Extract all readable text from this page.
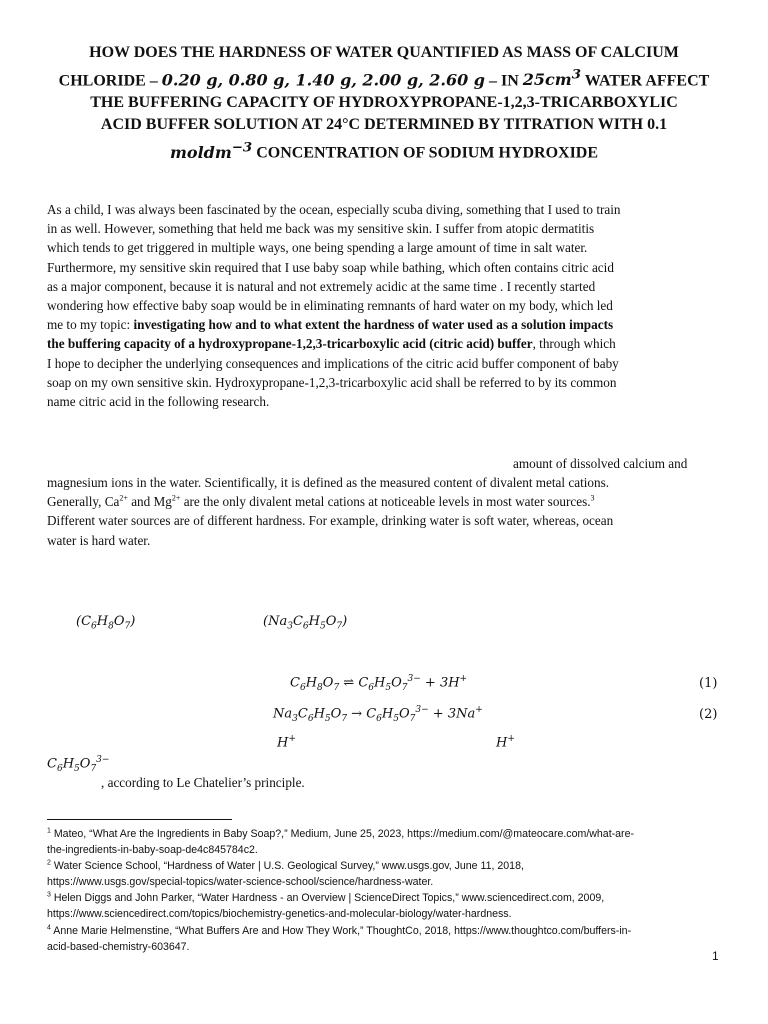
HOW DOES THE HARDNESS OF WATER QUANTIFIED AS MASS OF CALCIUM
CHLORIDE – 0.20 g, 0.80 g, 1.40 g, 2.00 g, 2.60 g – IN $25cm^3$ WATER AFFECT
THE BUFFERING CAPACITY OF HYDROXYPROPANE-1,2,3-TRICARBOXYLIC
ACID BUFFER SOLUTION AT 24°C DETERMINED BY TITRATION WITH 0.1
moldm$^{-3}$ CONCENTRATION OF SODIUM HYDROXIDE
As a child, I was always been fascinated by the ocean, especially scuba diving, something that I used to train
in as well. However, something that held me back was my sensitive skin. I suffer from atopic dermatitis
which tends to get triggered in multiple ways, one being spending a large amount of time in salt water.
Furthermore, my sensitive skin required that I use baby soap while bathing, which often contains citric acid
as a major component, because it is natural and not extremely acidic at the same time . I recently started
wondering how effective baby soap would be in eliminating remnants of hard water on my body, which led
me to my topic: investigating how and to what extent the hardness of water used as a solution impacts
the buffering capacity of a hydroxypropane-1,2,3-tricarboxylic acid (citric acid) buffer, through which
I hope to decipher the underlying consequences and implications of the citric acid buffer component of baby
soap on my own sensitive skin. Hydroxypropane-1,2,3-tricarboxylic acid shall be referred to by its common
name citric acid in the following research.
amount of dissolved calcium and
magnesium ions in the water. Scientifically, it is defined as the measured content of divalent metal cations.
Generally, $Ca^{2+}$ and $Mg^{2+}$ are the only divalent metal cations at noticeable levels in most water sources.$^3$
Different water sources are of different hardness. For example, drinking water is soft water, whereas, ocean
water is hard water.
$(C_6H_8O_7)$	$(Na_3C_6H_5O_7)$
$C_6H_8O_7$ ⇌ $C_6H_5O_7^{3-} + 3H^+$	(1)
$Na_3C_6H_5O_7 \to C_6H_5O_7^{3-} + 3Na^+$	(2)
H+	H+
$C_6H_5O_7^{3-}$
, according to Le Chatelier’s principle.
$^1$ Mateo, “What Are the Ingredients in Baby Soap?,” Medium, June 25, 2023, https://medium.com/@mateocare.com/what-are-
the-ingredients-in-baby-soap-de4c845784c2.
$^2$ Water Science School, “Hardness of Water | U.S. Geological Survey,” www.usgs.gov, June 11, 2018,
https://www.usgs.gov/special-topics/water-science-school/science/hardness-water.
$^3$ Helen Diggs and John Parker, “Water Hardness - an Overview | ScienceDirect Topics,” www.sciencedirect.com, 2009,
https://www.sciencedirect.com/topics/biochemistry-genetics-and-molecular-biology/water-hardness.
$^4$ Anne Marie Helmenstine, “What Buffers Are and How They Work,” ThoughtCo, 2018, https://www.thoughtco.com/buffers-in-
acid-based-chemistry-603647.
1
